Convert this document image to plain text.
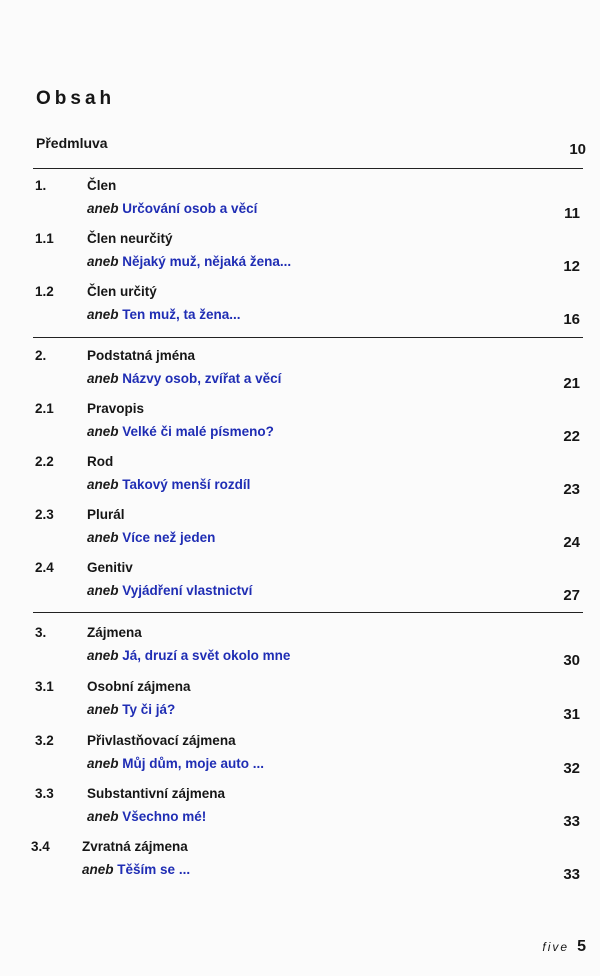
Obsah
Předmluva	10
1.	Člen
aneb Určování osob a věcí	11
1.1 Člen neurčitý
aneb Nějaký muž, nějaká žena...	12
1.2 Člen určitý
aneb Ten muž, ta žena...	16
2.	Podstatná jména
aneb Názvy osob, zvířat a věcí	21
2.1 Pravopis
aneb Velké či malé písmeno?	22
2.2 Rod
aneb Takový menší rozdíl	23
2.3 Plurál
aneb Více než jeden	24
2.4 Genitiv
aneb Vyjádření vlastnictví	27
3.	Zájmena
aneb Já, druzí a svět okolo mne	30
3.1 Osobní zájmena
aneb Ty či já?	31
3.2 Přivlastňovací zájmena
aneb Můj dům, moje auto ...	32
3.3 Substantivní zájmena
aneb Všechno mé!	33
3.4 Zvratná zájmena
aneb Těším se ...	33
five 5
